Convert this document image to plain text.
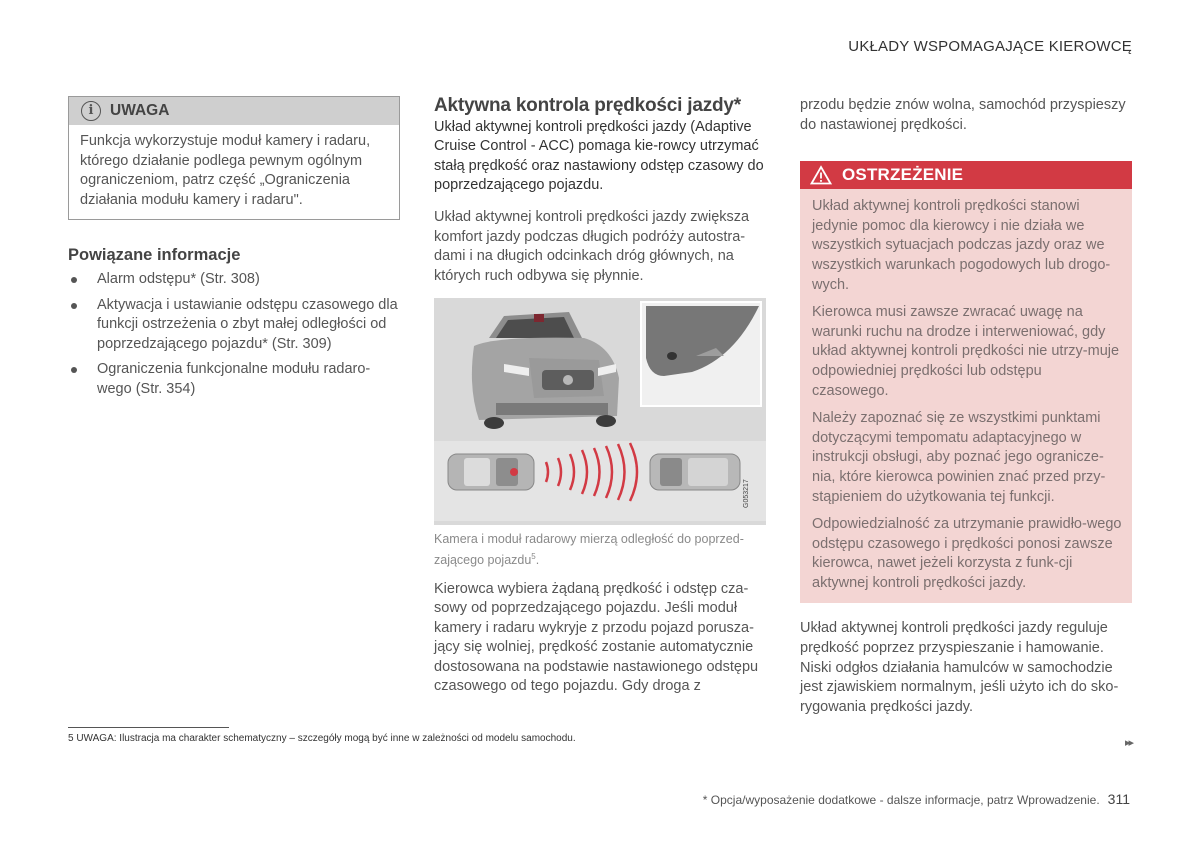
UKŁADY WSPOMAGAJĄCE KIEROWCĘ
i	UWAGA
Funkcja wykorzystuje moduł kamery i radaru, którego działanie podlega pewnym ogólnym ograniczeniom, patrz część „Ograniczenia działania modułu kamery i radaru".
Powiązane informacje
Alarm odstępu* (Str. 308)
Aktywacja i ustawianie odstępu czasowego dla funkcji ostrzeżenia o zbyt małej odległości od poprzedzającego pojazdu* (Str. 309)
Ograniczenia funkcjonalne modułu radaro-wego (Str. 354)
Aktywna kontrola prędkości jazdy*
Układ aktywnej kontroli prędkości jazdy (Adaptive Cruise Control - ACC) pomaga kie-rowcy utrzymać stałą prędkość oraz nastawiony odstęp czasowy do poprzedzającego pojazdu.

Układ aktywnej kontroli prędkości jazdy zwiększa komfort jazdy podczas długich podróży autostra-dami i na długich odcinkach dróg głównych, na których ruch odbywa się płynnie.

G053217
Kamera i moduł radarowy mierzą odległość do poprzed-zającego pojazdu$^5$.

Kierowca wybiera żądaną prędkość i odstęp cza-sowy od poprzedzającego pojazdu. Jeśli moduł kamery i radaru wykryje z przodu pojazd porusza-jący się wolniej, prędkość zostanie automatycznie dostosowana na podstawie nastawionego odstępu czasowego od tego pojazdu. Gdy droga z

przodu będzie znów wolna, samochód przyspieszy do nastawionej prędkości.

OSTRZEŻENIE

Układ aktywnej kontroli prędkości stanowi jedynie pomoc dla kierowcy i nie działa we wszystkich sytuacjach podczas jazdy oraz we wszystkich warunkach pogodowych lub drogo-wych.

Kierowca musi zawsze zwracać uwagę na warunki ruchu na drodze i interweniować, gdy układ aktywnej kontroli prędkości nie utrzy-muje odpowiedniej prędkości lub odstępu czasowego.

Należy zapoznać się ze wszystkimi punktami dotyczącymi tempomatu adaptacyjnego w instrukcji obsługi, aby poznać jego ogranicze-nia, które kierowca powinien znać przed przy-stąpieniem do użytkowania tej funkcji.

Odpowiedzialność za utrzymanie prawidło-wego odstępu czasowego i prędkości ponosi zawsze kierowca, nawet jeżeli korzysta z funk-cji aktywnej kontroli prędkości jazdy.

Układ aktywnej kontroli prędkości jazdy reguluje prędkość poprzez przyspieszanie i hamowanie. Niski odgłos działania hamulców w samochodzie jest zjawiskiem normalnym, jeśli użyto ich do sko-rygowania prędkości jazdy.

5 UWAGA: Ilustracja ma charakter schematyczny – szczegóły mogą być inne w zależności od modelu samochodu.	▸▸
* Opcja/wyposażenie dodatkowe - dalsze informacje, patrz Wprowadzenie. 311
